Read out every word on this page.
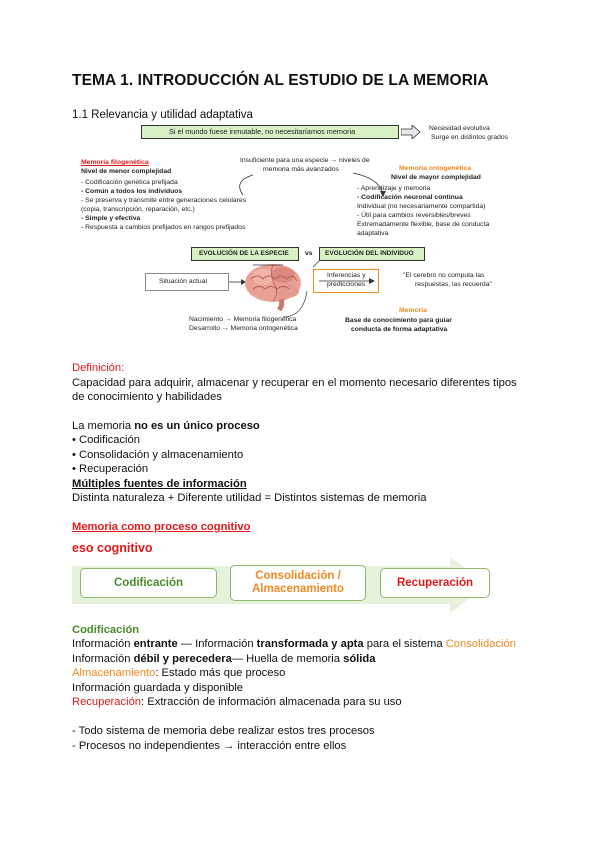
TEMA 1. INTRODUCCIÓN AL ESTUDIO DE LA MEMORIA
1.1 Relevancia y utilidad adaptativa
Si el mundo fuese inmutable, no necesitaríamos memoria	Necesidad evolutiva
Surge en distintos grados
Insuficiente para una especie → niveles de
memoria más avanzados
Memoria filogenética
Nivel de menor complejidad
- Codificación genética prefijada
- Común a todos los individuos
- Se preserva y transmite entre generaciones celulares
(copia, transcripción, reparación, etc.)
- Simple y efectiva
- Respuesta a cambios prefijados en rangos prefijados
Memoria ontogenética
Nivel de mayor complejidad
- Aprendizaje y memoria
- Codificación neuronal continua
Individual (no necesariamente compartida)
- Útil para cambios reversibles/breves
Extremadamente flexible, base de conducta
adaptativa
EVOLUCIÓN DE LA ESPECIE vs EVOLUCIÓN DEL INDIVIDUO
Situación actual
Inferencias y
predicciones
"El cerebro no computa las
respuestas, las recuerda"
Nacimiento → Memoria filogenética
Desarrollo → Memoria ontogenética
Memoria
Base de conocimiento para guiar
conducta de forma adaptativa
Definición:
Capacidad para adquirir, almacenar y recuperar en el momento necesario diferentes tipos
de conocimiento y habilidades
La memoria no es un único proceso
• Codificación
• Consolidación y almacenamiento
• Recuperación
Múltiples fuentes de información
Distinta naturaleza + Diferente utilidad = Distintos sistemas de memoria
Memoria como proceso cognitivo
eso cognitivo
Codificación
Consolidación / Almacenamiento
Recuperación
Codificación
Información entrante — Información transformada y apta para el sistema Consolidación
Información débil y perecedera— Huella de memoria sólida
Almacenamiento: Estado más que proceso
Información guardada y disponible
Recuperación: Extracción de información almacenada para su uso
- Todo sistema de memoria debe realizar estos tres procesos
- Procesos no independientes → interacción entre ellos
